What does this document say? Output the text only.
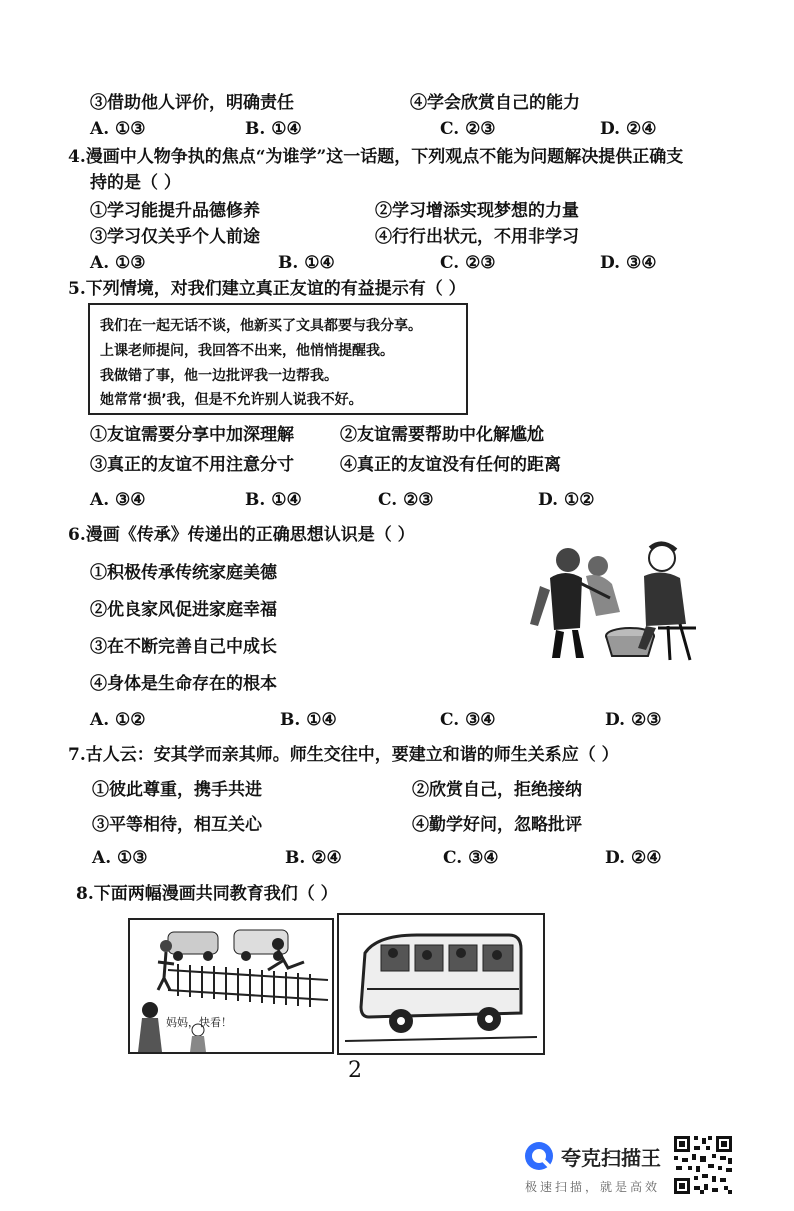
③借助他人评价，明确责任	④学会欣赏自己的能力
A. ①③	B. ①④	C. ②③	D. ②④
4.漫画中人物争执的焦点“为谁学”这一话题，下列观点不能为问题解决提供正确支
持的是（ ）
①学习能提升品德修养	②学习增添实现梦想的力量
③学习仅关乎个人前途	④行行出状元，不用非学习
A. ①③	B. ①④	C. ②③	D. ③④
5.下列情境，对我们建立真正友谊的有益提示有（ ）
我们在一起无话不谈，他新买了文具都要与我分享。
上课老师提问，我回答不出来，他悄悄提醒我。
我做错了事，他一边批评我一边帮我。
她常常‘损’我，但是不允许别人说我不好。
①友谊需要分享中加深理解	②友谊需要帮助中化解尴尬
③真正的友谊不用注意分寸	④真正的友谊没有任何的距离
A. ③④	B. ①④	C. ②③	D. ①②
6.漫画《传承》传递出的正确思想认识是（ ）
①积极传承传统家庭美德
②优良家风促进家庭幸福
③在不断完善自己中成长
④身体是生命存在的根本
A. ①②	B. ①④	C. ③④	D. ②③
7.古人云：安其学而亲其师。师生交往中，要建立和谐的师生关系应（ ）
①彼此尊重，携手共进	②欣赏自己，拒绝接纳
③平等相待，相互关心	④勤学好问，忽略批评
A. ①③	B. ②④	C. ③④	D. ②④
8.下面两幅漫画共同教育我们（ ）
妈妈，快看！
2
夸克扫描王
极速扫描，就是高效
